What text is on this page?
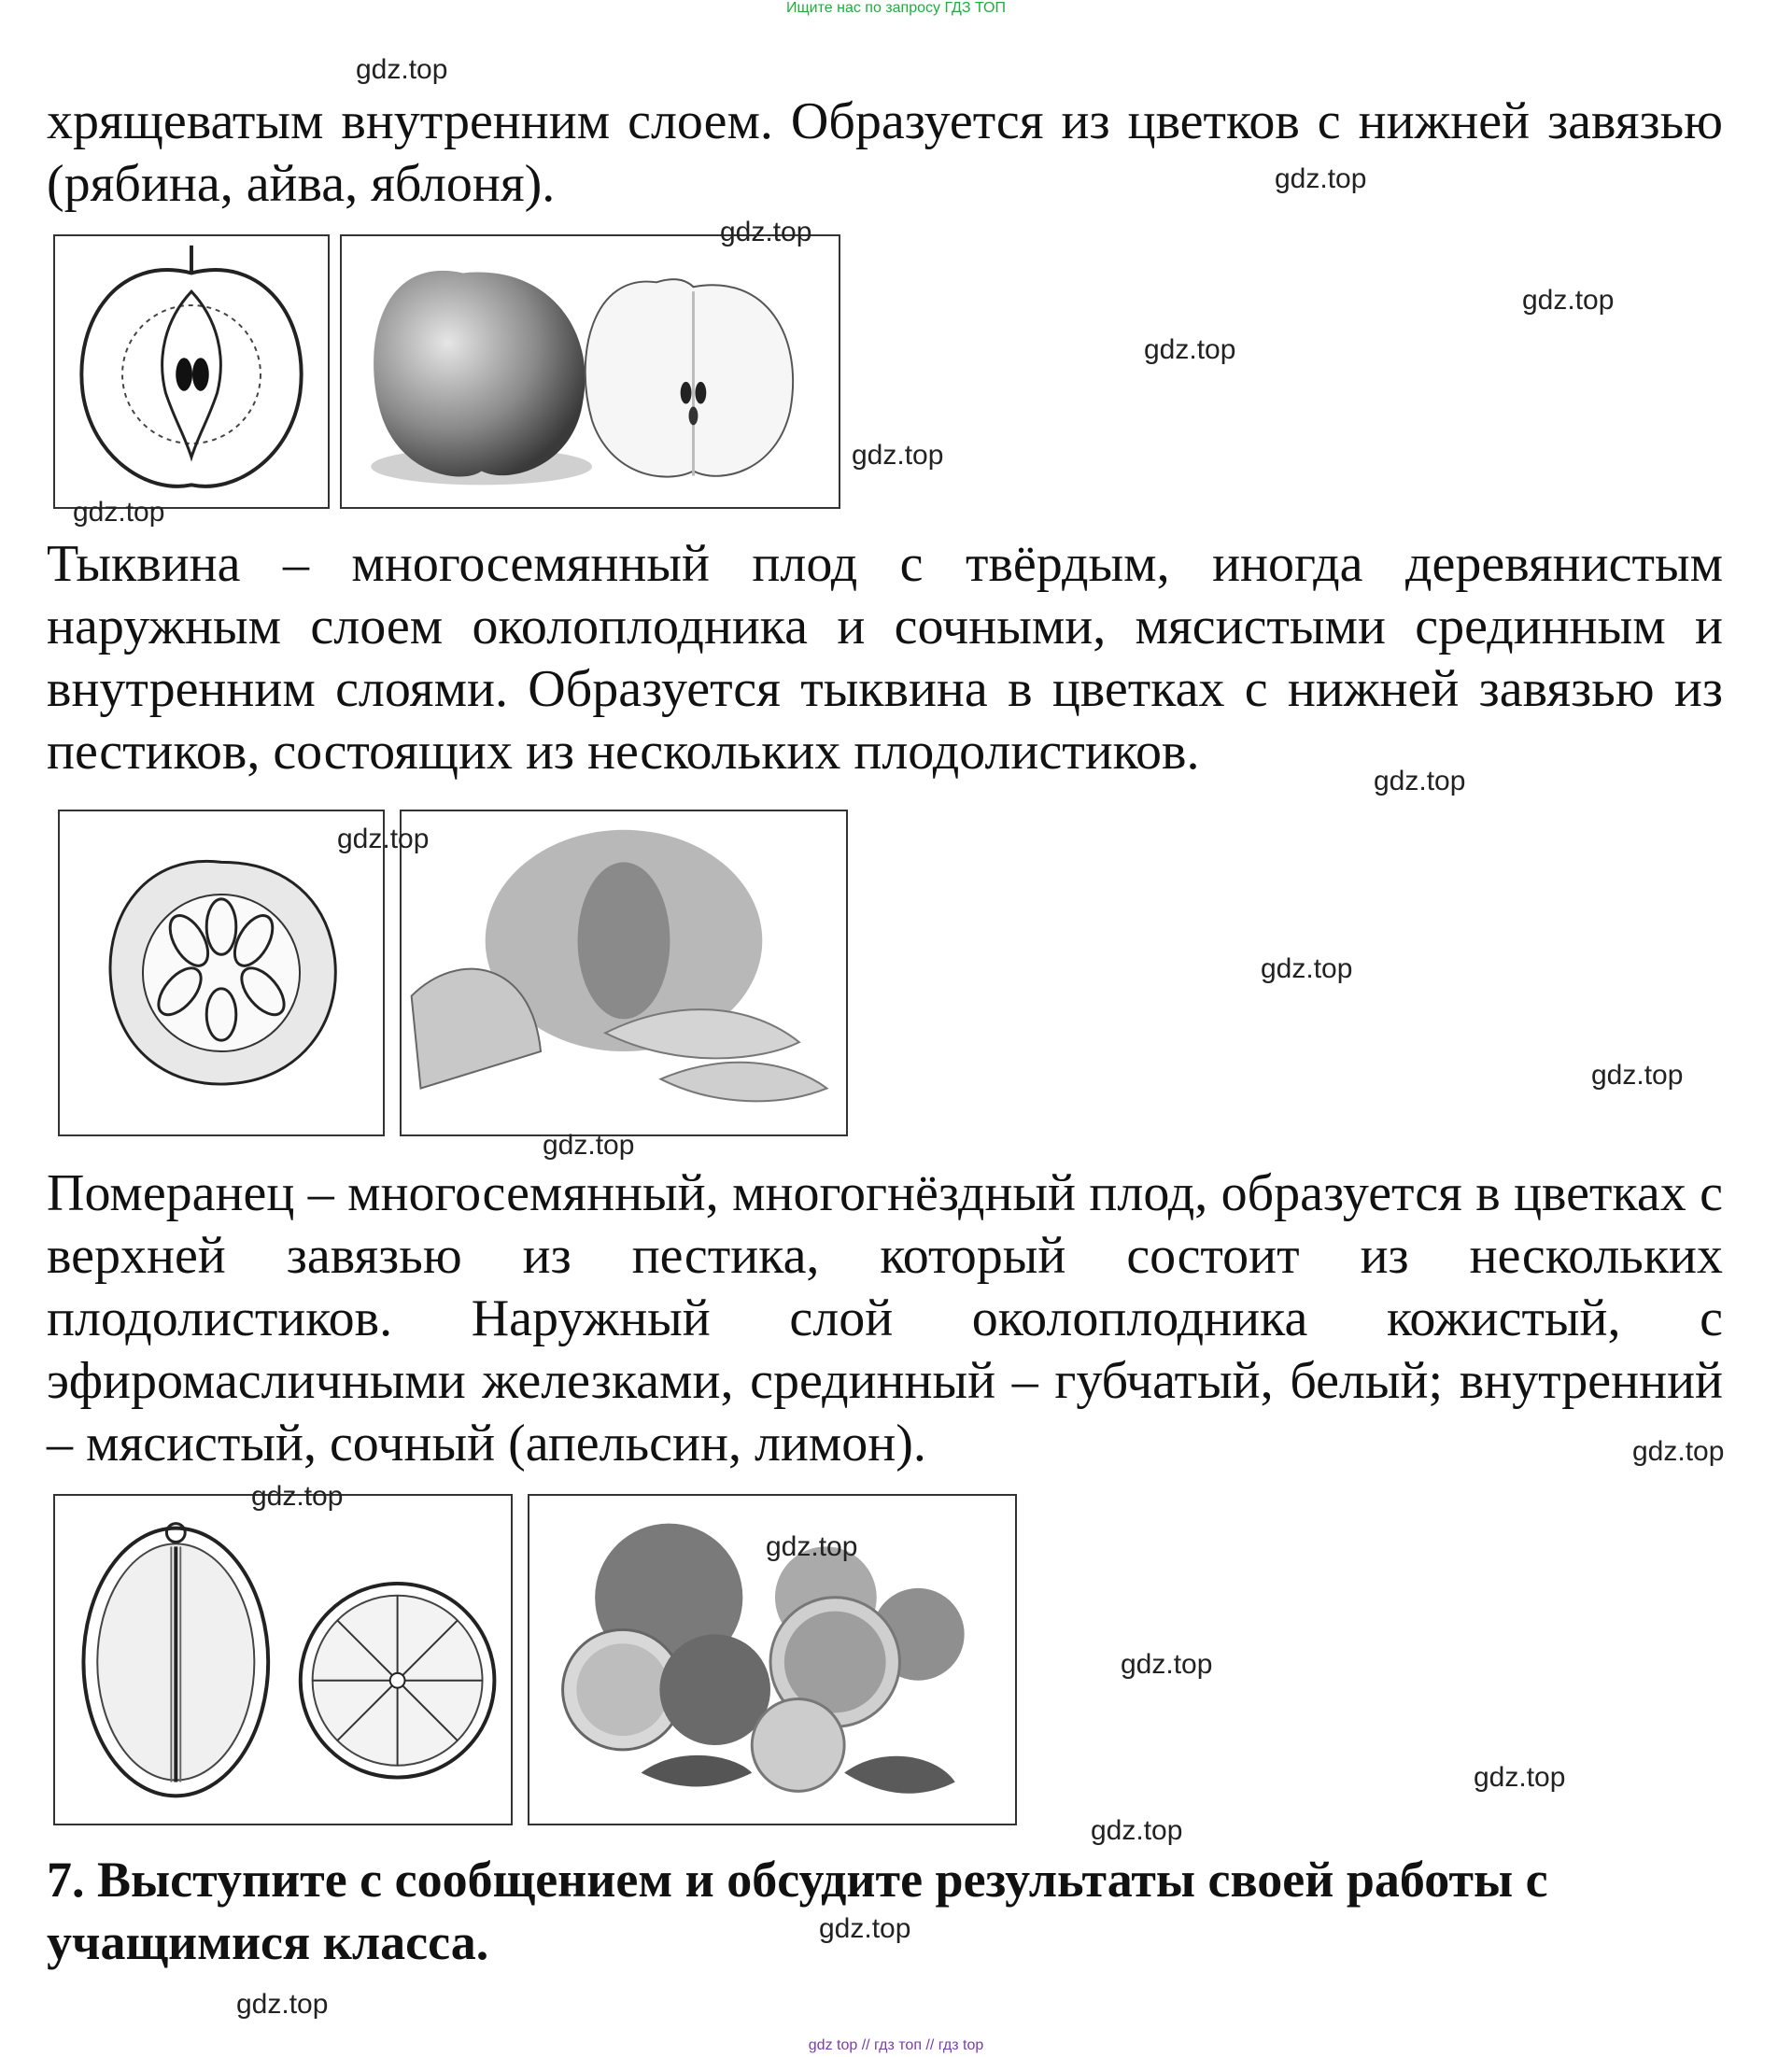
Ищите нас по запросу ГДЗ ТОП
хрящеватым внутренним слоем. Образуется из цветков с нижней завязью (рябина, айва, яблоня).
Тыквина – многосемянный плод с твёрдым, иногда деревянистым наружным слоем околоплодника и сочными, мясистыми срединным и внутренним слоями. Образуется тыквина в цветках с нижней завязью из пестиков, состоящих из нескольких плодолистиков.
Померанец – многосемянный, многогнёздный плод, образуется в цветках с верхней завязью из пестика, который состоит из нескольких плодолистиков. Наружный слой околоплодника кожистый, с эфиромасличными железками, срединный – губчатый, белый; внутренний – мясистый, сочный (апельсин, лимон).
7. Выступите с сообщением и обсудите результаты своей работы с учащимися класса.
gdz.top
gdz.top
gdz.top
gdz.top
gdz.top
gdz.top
gdz.top
gdz.top
gdz.top
gdz.top
gdz.top
gdz.top
gdz.top
gdz.top
gdz.top
gdz.top
gdz.top
gdz.top
gdz.top
gdz.top
gdz top // гдз топ // гдз top
